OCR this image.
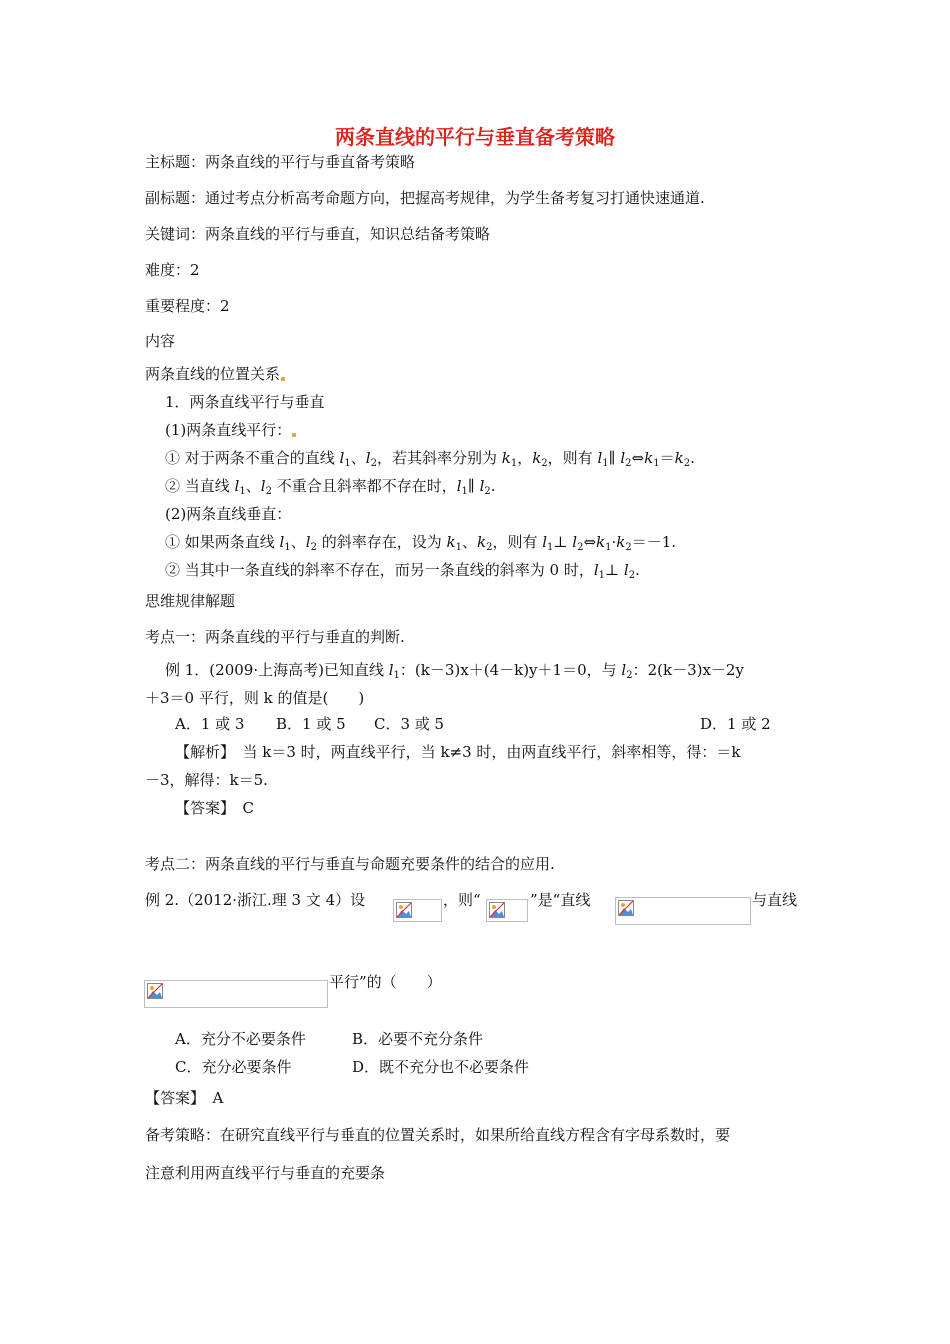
两条直线的平行与垂直备考策略
主标题：两条直线的平行与垂直备考策略
副标题：通过考点分析高考命题方向，把握高考规律，为学生备考复习打通快速通道.
关键词：两条直线的平行与垂直，知识总结备考策略
难度：2
重要程度：2
内容
两条直线的位置关系
1．两条直线平行与垂直
(1)两条直线平行：
① 对于两条不重合的直线 $l_1$、$l_2$，若其斜率分别为 $k_1$，$k_2$，则有 $l_1\parallel$ $l_2\Leftrightarrow k_1=k_2$.
② 当直线 $l_1$、$l_2$ 不重合且斜率都不存在时，$l_1\parallel$ $l_2$.
(2)两条直线垂直：
① 如果两条直线 $l_1$、$l_2$ 的斜率存在，设为 $k_1$、$k_2$，则有 $l_1\perp$ $l_2\Leftrightarrow k_1\cdot k_2=-1$.
② 当其中一条直线的斜率不存在，而另一条直线的斜率为 0 时，$l_1\perp$ $l_2$.
思维规律解题
考点一：两条直线的平行与垂直的判断.
例 1．(2009·上海高考)已知直线 $l_1$：(k－3)x＋(4－k)y＋1＝0，与 $l_2$：2(k－3)x－2y
＋3＝0 平行，则 k 的值是(　　)
A．1 或 3 B．1 或 5 C．3 或 5	D．1 或 2
【解析】　当 k＝3 时，两直线平行，当 k≠3 时，由两直线平行，斜率相等，得：＝k
－3，解得：k＝5.
【答案】　C
考点二：两条直线的平行与垂直与命题充要条件的结合的应用.
例 2.（2012·浙江.理 3 文 4）设	，则“	”是“直线	与直线
平行”的（　　）
A．充分不必要条件	B．必要不充分条件
C．充分必要条件	D．既不充分也不必要条件
【答案】　A
备考策略：在研究直线平行与垂直的位置关系时，如果所给直线方程含有字母系数时，要
注意利用两直线平行与垂直的充要条
